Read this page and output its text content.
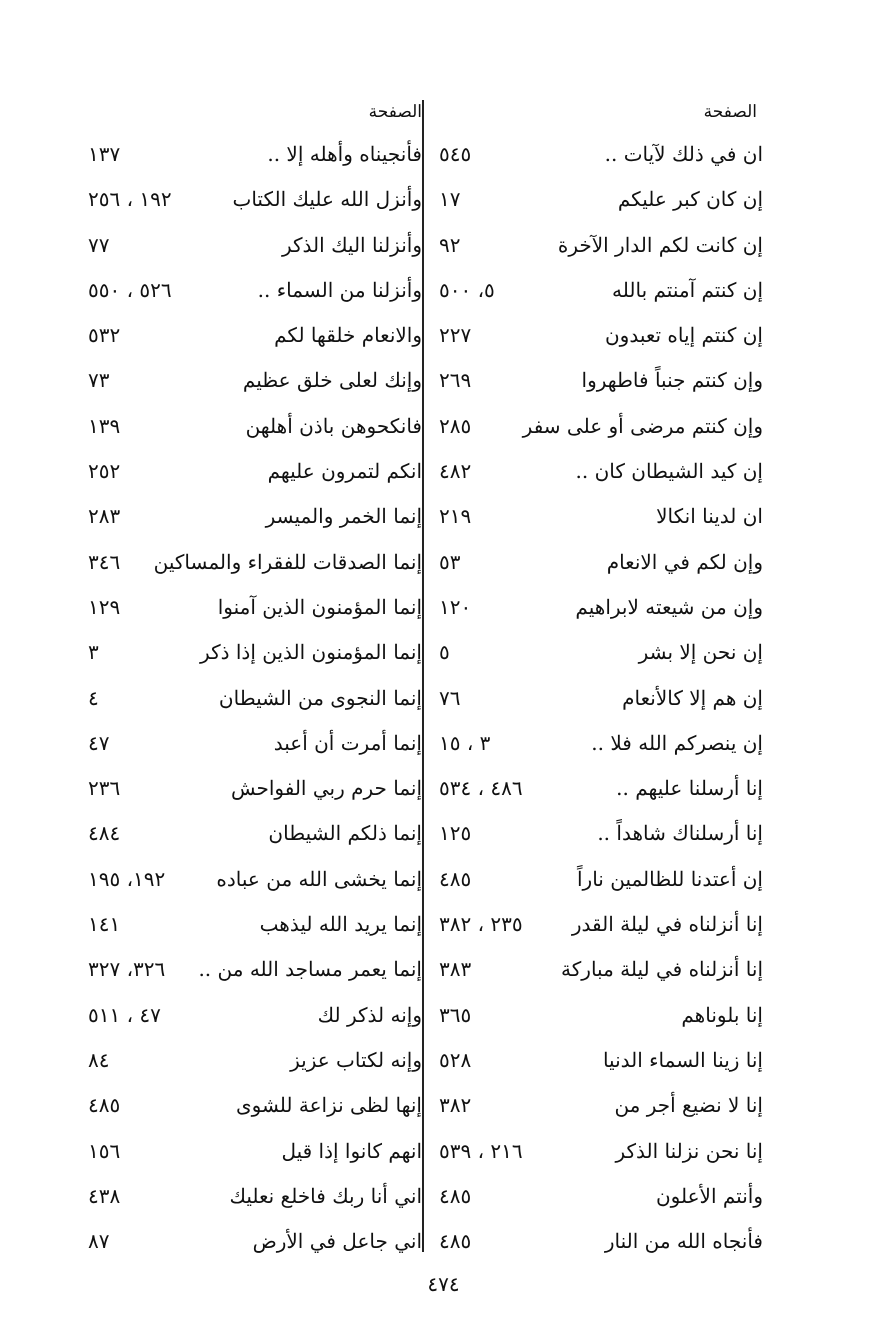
الصفحة
ان في ذلك لآيات ..
٥٤٥
إن كان كبر عليكم
١٧
إن كانت لكم الدار الآخرة
٩٢
إن كنتم آمنتم بالله
٥، ٥٠٠
إن كنتم إياه تعبدون
٢٢٧
وإن كنتم جنباً فاطهروا
٢٦٩
وإن كنتم مرضى أو على سفر
٢٨٥
إن كيد الشيطان كان ..
٤٨٢
ان لدينا انكالا
٢١٩
وإن لكم في الانعام
٥٣
وإن من شيعته لابراهيم
١٢٠
إن نحن إلا بشر
٥
إن هم إلا كالأنعام
٧٦
إن ينصركم الله فلا ..
٣ ، ١٥
إنا أرسلنا عليهم ..
٤٨٦ ، ٥٣٤
إنا أرسلناك شاهداً ..
١٢٥
إن أعتدنا للظالمين ناراً
٤٨٥
إنا أنزلناه في ليلة القدر
٢٣٥ ، ٣٨٢
إنا أنزلناه في ليلة مباركة
٣٨٣
إنا بلوناهم
٣٦٥
إنا زينا السماء الدنيا
٥٢٨
إنا لا نضيع أجر من
٣٨٢
إنا نحن نزلنا الذكر
٢١٦ ، ٥٣٩
وأنتم الأعلون
٤٨٥
فأنجاه الله من النار
٤٨٥
الصفحة
فأنجيناه وأهله إلا ..
١٣٧
وأنزل الله عليك الكتاب
١٩٢ ، ٢٥٦
وأنزلنا اليك الذكر
٧٧
وأنزلنا من السماء ..
٥٢٦ ، ٥٥٠
والانعام خلقها لكم
٥٣٢
وإنك لعلى خلق عظيم
٧٣
فانكحوهن باذن أهلهن
١٣٩
انكم لتمرون عليهم
٢٥٢
إنما الخمر والميسر
٢٨٣
إنما الصدقات للفقراء والمساكين
٣٤٦
إنما المؤمنون الذين آمنوا
١٢٩
إنما المؤمنون الذين إذا ذكر
٣
إنما النجوى من الشيطان
٤
إنما أمرت أن أعبد
٤٧
إنما حرم ربي الفواحش
٢٣٦
إنما ذلكم الشيطان
٤٨٤
إنما يخشى الله من عباده
١٩٢، ١٩٥
إنما يريد الله ليذهب
١٤١
إنما يعمر مساجد الله من ..
٣٢٦، ٣٢٧
وإنه لذكر لك
٤٧ ، ٥١١
وإنه لكتاب عزيز
٨٤
إنها لظى نزاعة للشوى
٤٨٥
انهم كانوا إذا قيل
١٥٦
اني أنا ربك فاخلع نعليك
٤٣٨
اني جاعل في الأرض
٨٧
٤٧٤
